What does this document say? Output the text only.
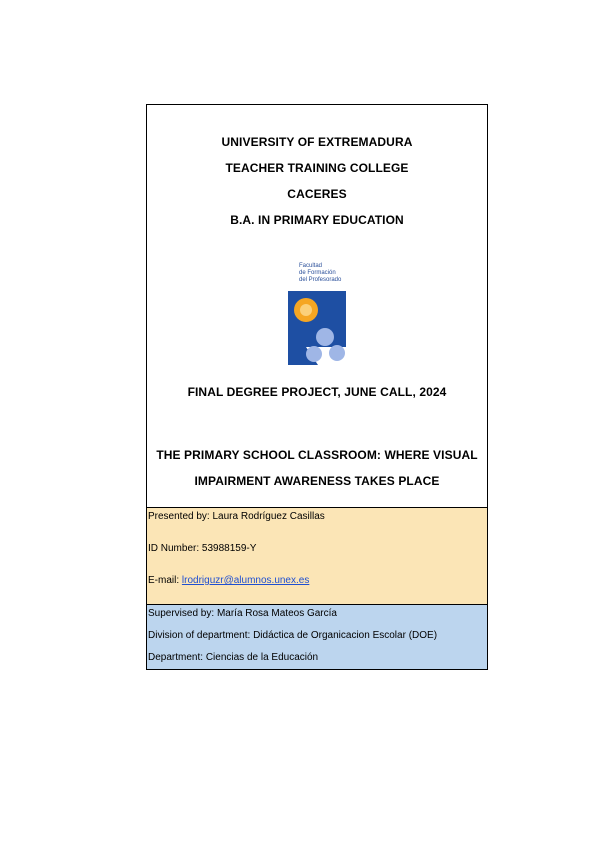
UNIVERSITY OF EXTREMADURA
TEACHER TRAINING COLLEGE
CACERES
B.A. IN PRIMARY EDUCATION
Facultad
de Formación
del Profesorado
FINAL DEGREE PROJECT, JUNE CALL, 2024
THE PRIMARY SCHOOL CLASSROOM: WHERE VISUAL
IMPAIRMENT AWARENESS TAKES PLACE
Presented by: Laura Rodríguez Casillas
ID Number: 53988159-Y
E-mail: lrodriguzr@alumnos.unex.es
Supervised by: María Rosa Mateos García
Division of department: Didáctica de Organicacion Escolar (DOE)
Department: Ciencias de la Educación
